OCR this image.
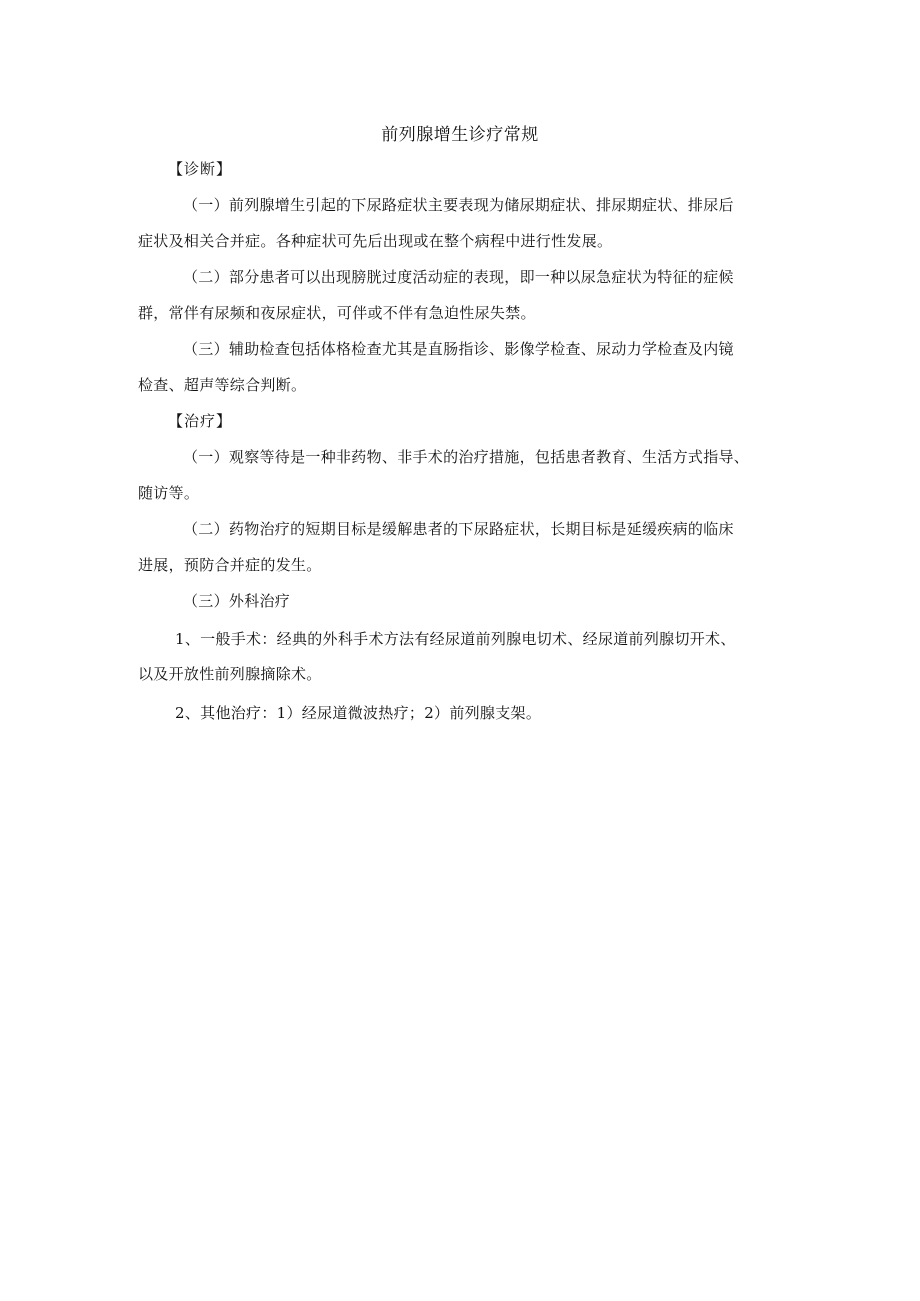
前列腺增生诊疗常规
【诊断】
（一）前列腺增生引起的下尿路症状主要表现为储尿期症状、排尿期症状、排尿后
症状及相关合并症。各种症状可先后出现或在整个病程中进行性发展。
（二）部分患者可以出现膀胱过度活动症的表现，即一种以尿急症状为特征的症候
群，常伴有尿频和夜尿症状，可伴或不伴有急迫性尿失禁。
（三）辅助检查包括体格检查尤其是直肠指诊、影像学检查、尿动力学检查及内镜
检查、超声等综合判断。
【治疗】
（一）观察等待是一种非药物、非手术的治疗措施，包括患者教育、生活方式指导、
随访等。
（二）药物治疗的短期目标是缓解患者的下尿路症状，长期目标是延缓疾病的临床
进展，预防合并症的发生。
（三）外科治疗
1、一般手术：经典的外科手术方法有经尿道前列腺电切术、经尿道前列腺切开术、
以及开放性前列腺摘除术。
2、其他治疗：1）经尿道微波热疗；2）前列腺支架。
